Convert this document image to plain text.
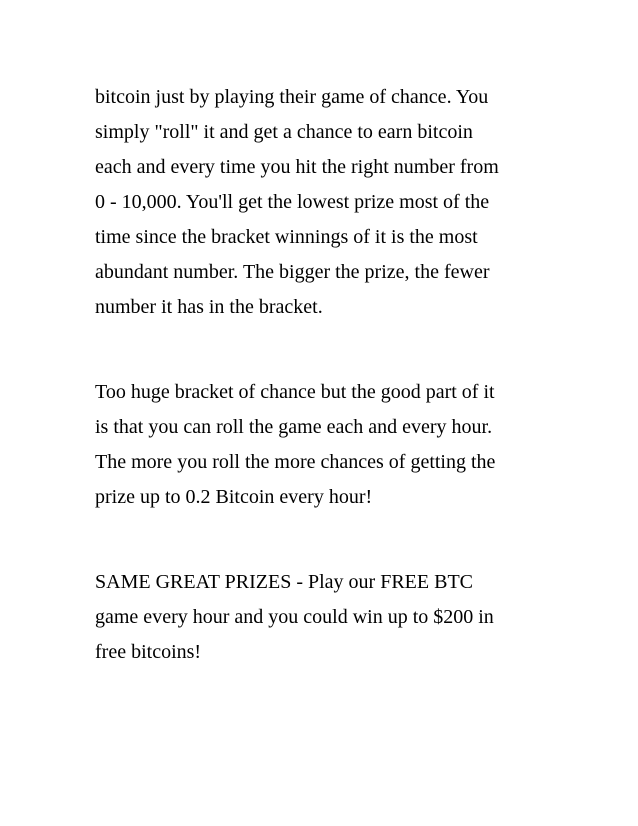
bitcoin just by playing their game of chance. You
simply "roll" it and get a chance to earn bitcoin
each and every time you hit the right number from
0 - 10,000. You'll get the lowest prize most of the
time since the bracket winnings of it is the most
abundant number. The bigger the prize, the fewer
number it has in the bracket.

Too huge bracket of chance but the good part of it
is that you can roll the game each and every hour.
The more you roll the more chances of getting the
prize up to 0.2 Bitcoin every hour!

SAME GREAT PRIZES - Play our FREE BTC
game every hour and you could win up to $200 in
free bitcoins!
